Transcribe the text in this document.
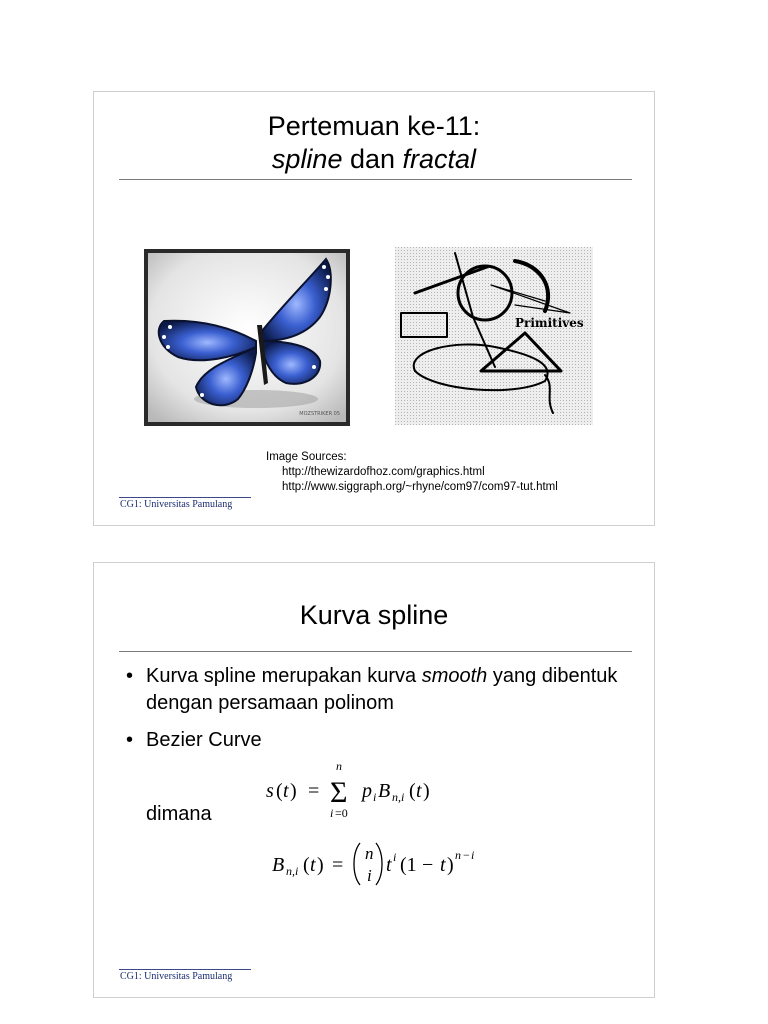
Pertemuan ke-11:
spline dan fractal
MOZSTRIKER 05
Primitives
Image Sources:
http://thewizardofhoz.com/graphics.html
http://www.siggraph.org/~rhyne/com97/com97-tut.html
CG1: Universitas Pamulang
Kurva spline
• Kurva spline merupakan kurva smooth yang dibentuk dengan persamaan polinom
• Bezier Curve
s ( t ) =
n
Σ
i =0
p i B n,i ( t )
dimana
B n,i ( t ) =
n
i t i (1 − t ) n − i
CG1: Universitas Pamulang
